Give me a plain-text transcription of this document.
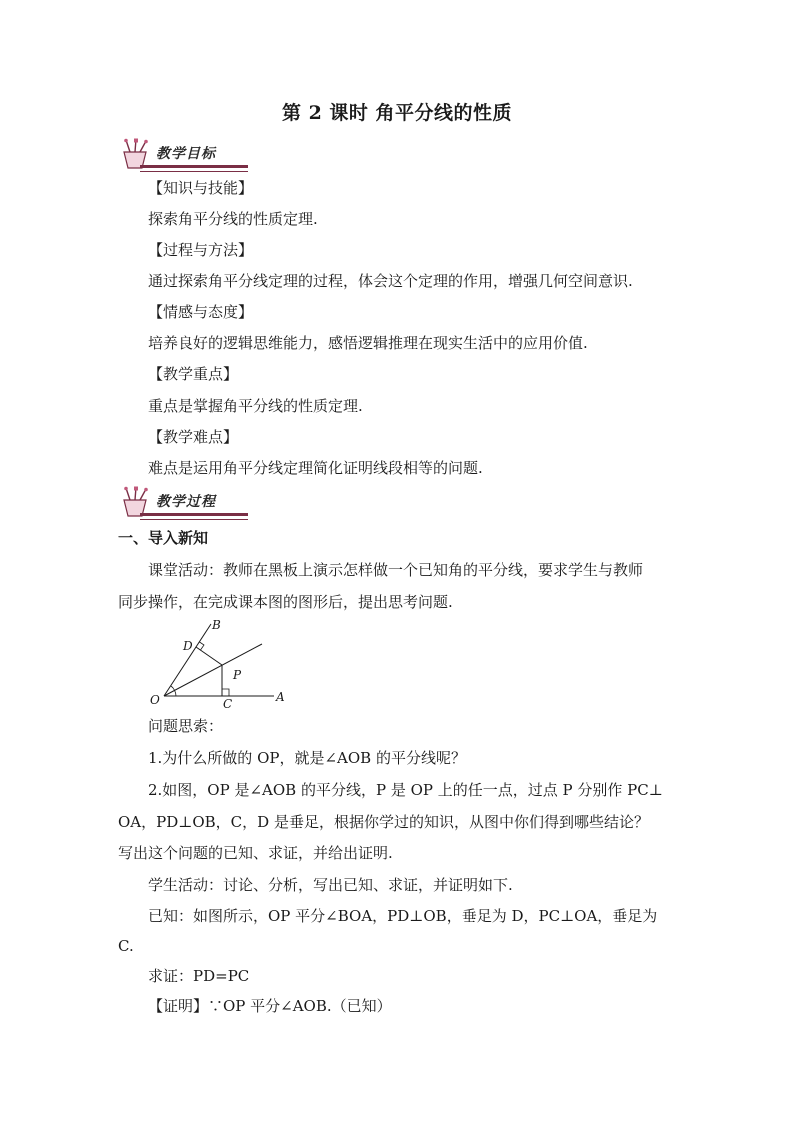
第 2 课时 角平分线的性质
教学目标
【知识与技能】
探索角平分线的性质定理.
【过程与方法】
通过探索角平分线定理的过程，体会这个定理的作用，增强几何空间意识.
【情感与态度】
培养良好的逻辑思维能力，感悟逻辑推理在现实生活中的应用价值.
【教学重点】
重点是掌握角平分线的性质定理.
【教学难点】
难点是运用角平分线定理简化证明线段相等的问题.
教学过程
一、导入新知
课堂活动：教师在黑板上演示怎样做一个已知角的平分线，要求学生与教师
同步操作，在完成课本图的图形后，提出思考问题.
O	A
B
C
D
P
问题思索：
1.为什么所做的 OP，就是∠AOB 的平分线呢？
2.如图，OP 是∠AOB 的平分线，P 是 OP 上的任一点，过点 P 分别作 PC⊥
OA，PD⊥OB，C，D 是垂足，根据你学过的知识，从图中你们得到哪些结论？
写出这个问题的已知、求证，并给出证明.
学生活动：讨论、分析，写出已知、求证，并证明如下.
已知：如图所示，OP 平分∠BOA，PD⊥OB，垂足为 D，PC⊥OA，垂足为
C.
求证：PD=PC
【证明】∵OP 平分∠AOB.（已知）
